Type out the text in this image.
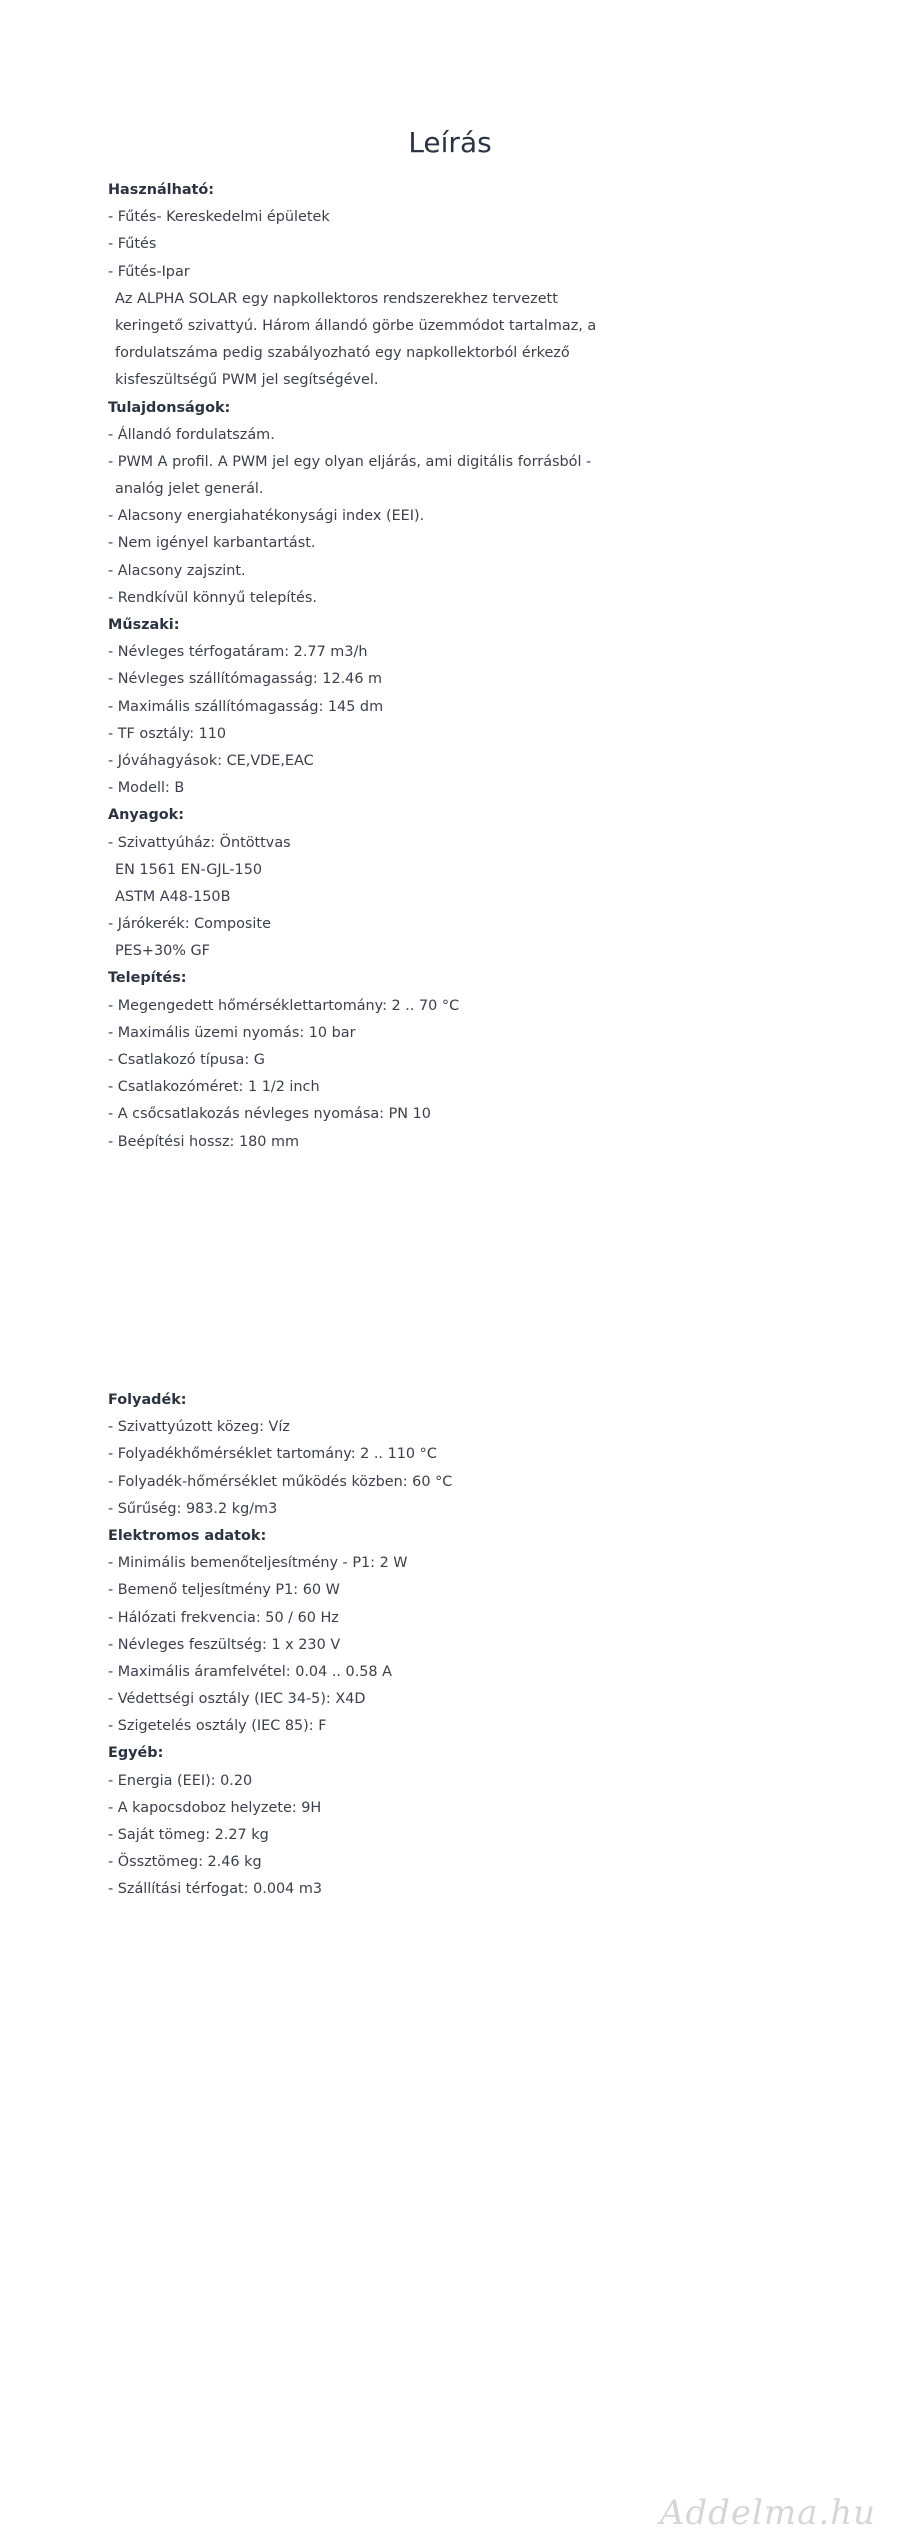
Leírás
Használható:
- Fűtés- Kereskedelmi épületek
- Fűtés
- Fűtés-Ipar
Az ALPHA SOLAR egy napkollektoros rendszerekhez tervezett
keringető szivattyú. Három állandó görbe üzemmódot tartalmaz, a
fordulatszáma pedig szabályozható egy napkollektorból érkező
kisfeszültségű PWM jel segítségével.
Tulajdonságok:
- Állandó fordulatszám.
- PWM A profil. A PWM jel egy olyan eljárás, ami digitális forrásból -
analóg jelet generál.
- Alacsony energiahatékonysági index (EEI).
- Nem igényel karbantartást.
- Alacsony zajszint.
- Rendkívül könnyű telepítés.
Műszaki:
- Névleges térfogatáram: 2.77 m3/h
- Névleges szállítómagasság: 12.46 m
- Maximális szállítómagasság: 145 dm
- TF osztály: 110
- Jóváhagyások: CE,VDE,EAC
- Modell: B
Anyagok:
- Szivattyúház: Öntöttvas
EN 1561 EN-GJL-150
ASTM A48-150B
- Járókerék: Composite
PES+30% GF
Telepítés:
- Megengedett hőmérséklettartomány: 2 .. 70 °C
- Maximális üzemi nyomás: 10 bar
- Csatlakozó típusa: G
- Csatlakozóméret: 1 1/2 inch
- A csőcsatlakozás névleges nyomása: PN 10
- Beépítési hossz: 180 mm
Folyadék:
- Szivattyúzott közeg: Víz
- Folyadékhőmérséklet tartomány: 2 .. 110 °C
- Folyadék-hőmérséklet működés közben: 60 °C
- Sűrűség: 983.2 kg/m3
Elektromos adatok:
- Minimális bemenőteljesítmény - P1: 2 W
- Bemenő teljesítmény P1: 60 W
- Hálózati frekvencia: 50 / 60 Hz
- Névleges feszültség: 1 x 230 V
- Maximális áramfelvétel: 0.04 .. 0.58 A
- Védettségi osztály (IEC 34-5): X4D
- Szigetelés osztály (IEC 85): F
Egyéb:
- Energia (EEI): 0.20
- A kapocsdoboz helyzete: 9H
- Saját tömeg: 2.27 kg
- Össztömeg: 2.46 kg
- Szállítási térfogat: 0.004 m3
Addelma.hu
